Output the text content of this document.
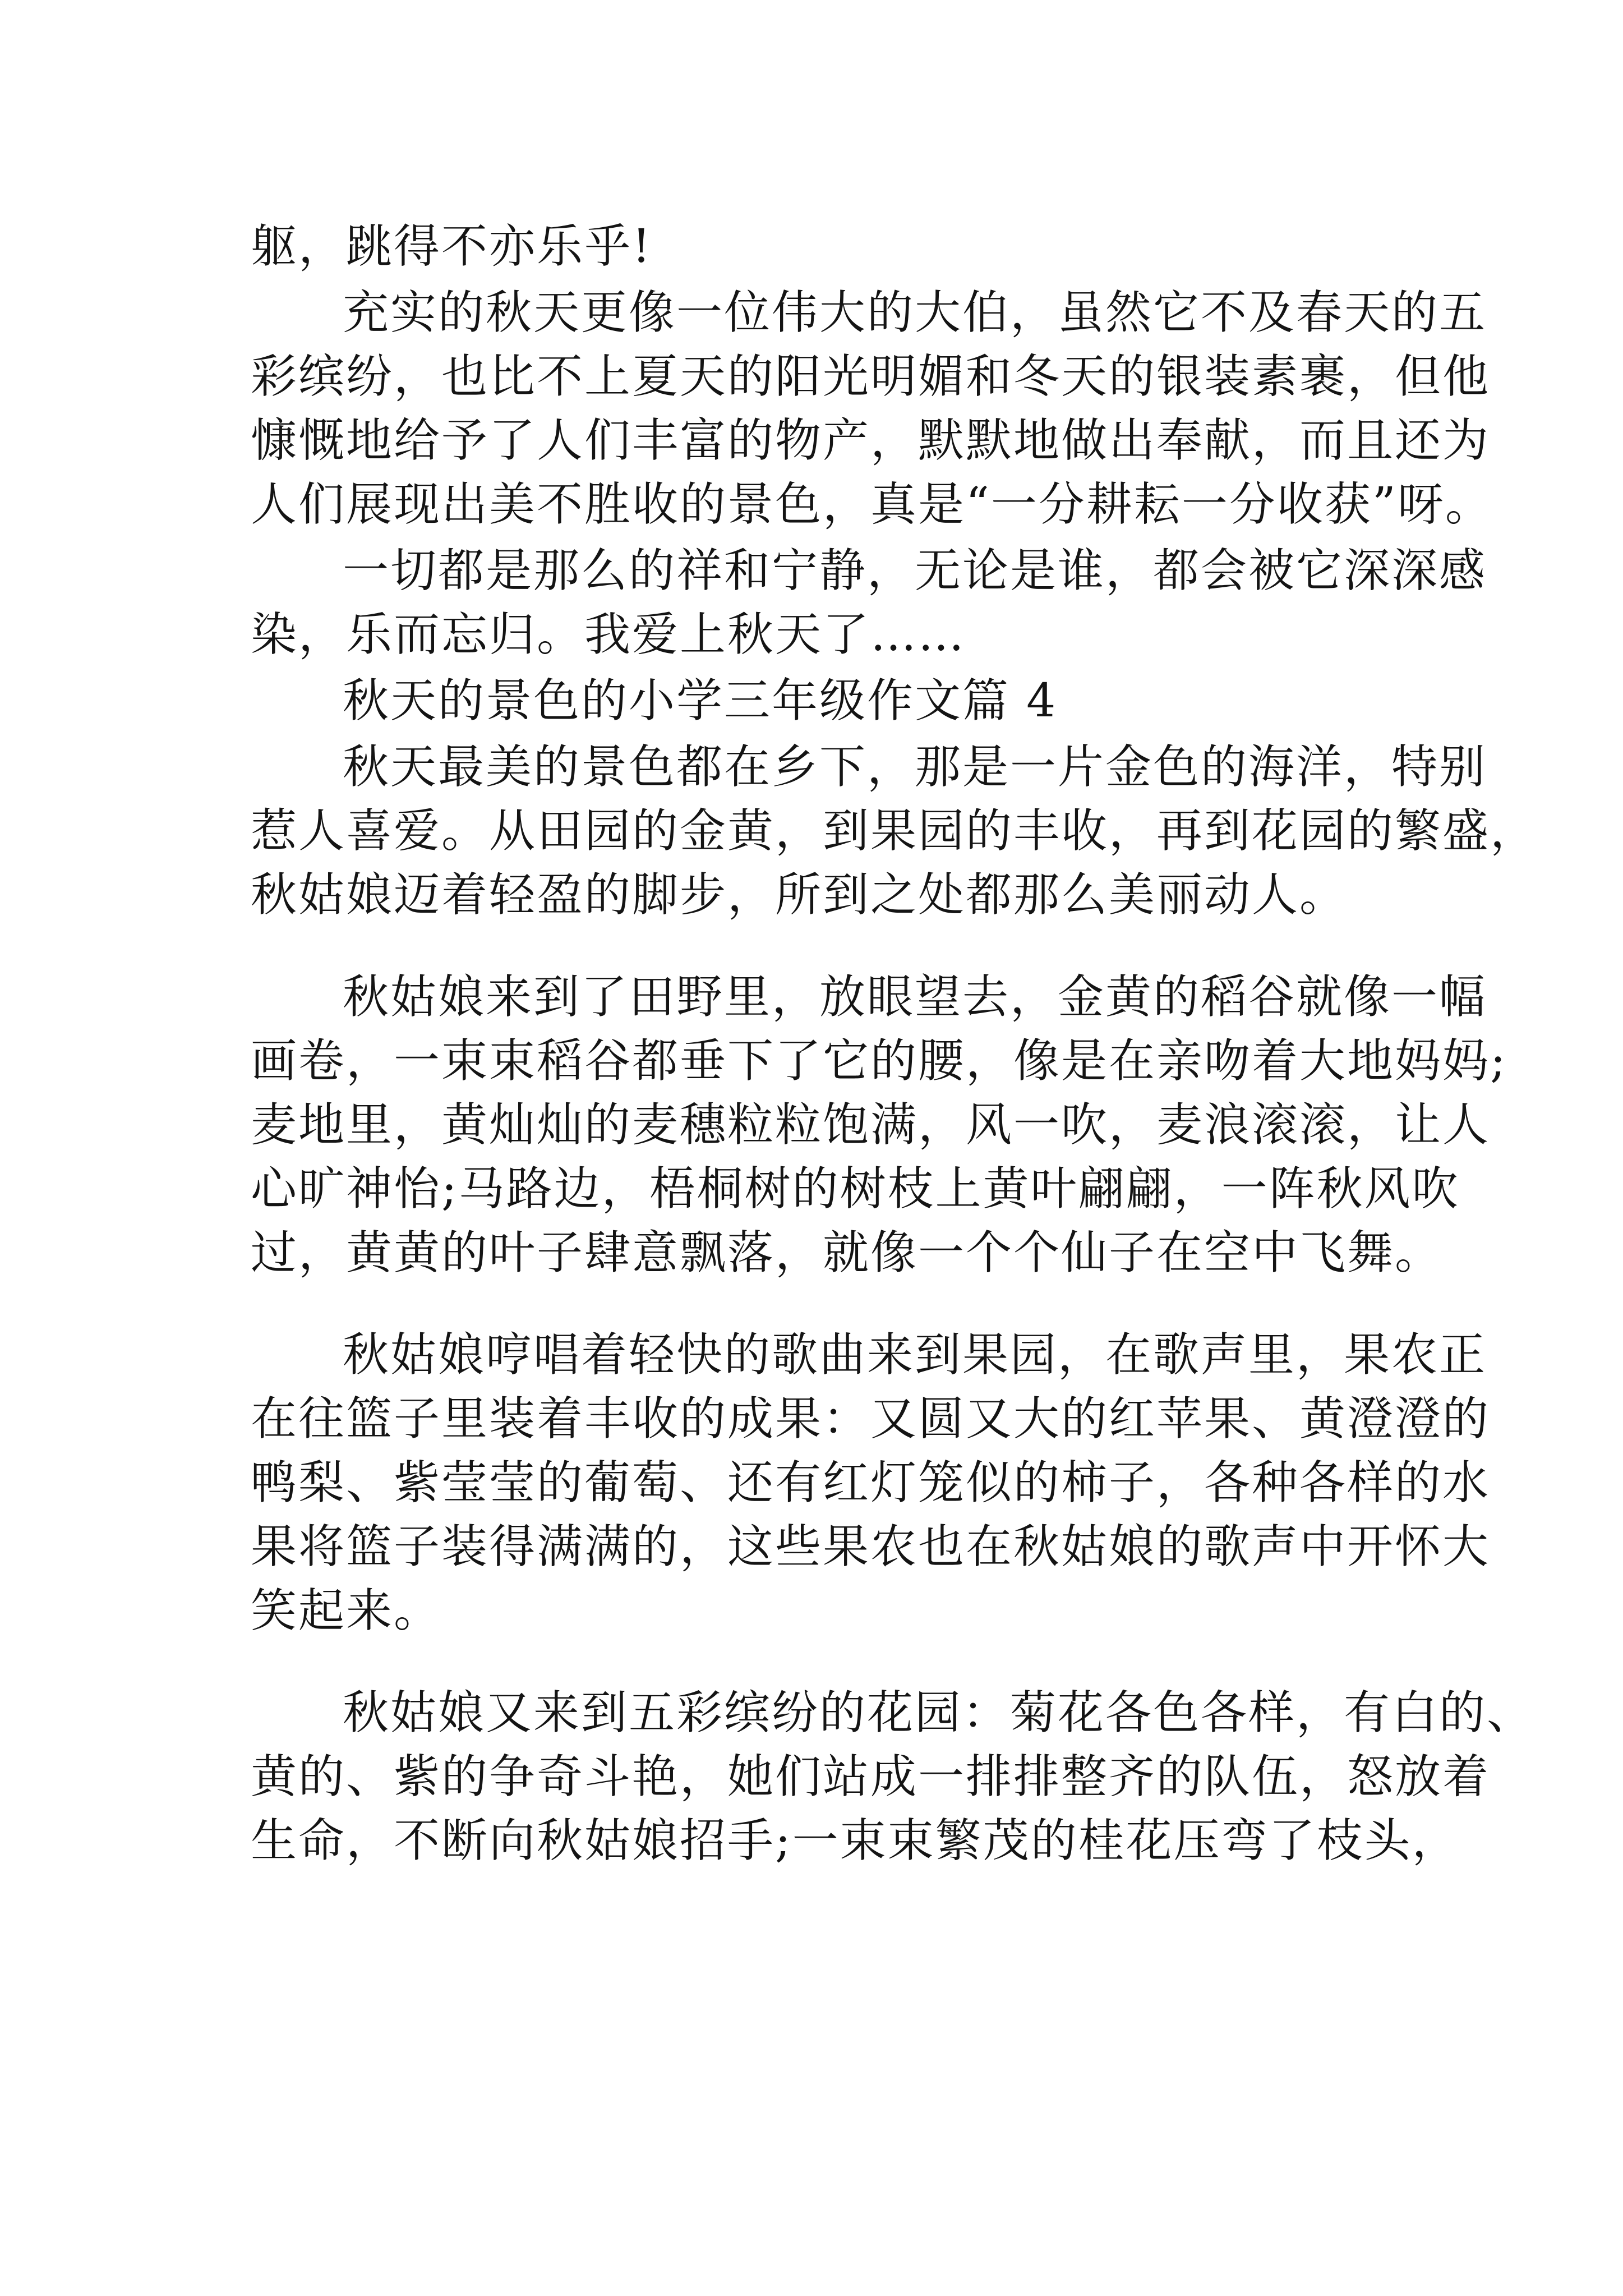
躯，跳得不亦乐乎!
充实的秋天更像一位伟大的大伯，虽然它不及春天的五
彩缤纷，也比不上夏天的阳光明媚和冬天的银装素裹，但他
慷慨地给予了人们丰富的物产，默默地做出奉献，而且还为
人们展现出美不胜收的景色，真是“一分耕耘一分收获”呀。
一切都是那么的祥和宁静，无论是谁，都会被它深深感
染，乐而忘归。我爱上秋天了……
秋天的景色的小学三年级作文篇 4
秋天最美的景色都在乡下，那是一片金色的海洋，特别
惹人喜爱。从田园的金黄，到果园的丰收，再到花园的繁盛，
秋姑娘迈着轻盈的脚步，所到之处都那么美丽动人。
秋姑娘来到了田野里，放眼望去，金黄的稻谷就像一幅
画卷，一束束稻谷都垂下了它的腰，像是在亲吻着大地妈妈;
麦地里，黄灿灿的麦穗粒粒饱满，风一吹，麦浪滚滚，让人
心旷神怡;马路边，梧桐树的树枝上黄叶翩翩，一阵秋风吹
过，黄黄的叶子肆意飘落，就像一个个仙子在空中飞舞。
秋姑娘哼唱着轻快的歌曲来到果园，在歌声里，果农正
在往篮子里装着丰收的成果：又圆又大的红苹果、黄澄澄的
鸭梨、紫莹莹的葡萄、还有红灯笼似的柿子，各种各样的水
果将篮子装得满满的，这些果农也在秋姑娘的歌声中开怀大
笑起来。
秋姑娘又来到五彩缤纷的花园：菊花各色各样，有白的、
黄的、紫的争奇斗艳，她们站成一排排整齐的队伍，怒放着
生命，不断向秋姑娘招手;一束束繁茂的桂花压弯了枝头，
